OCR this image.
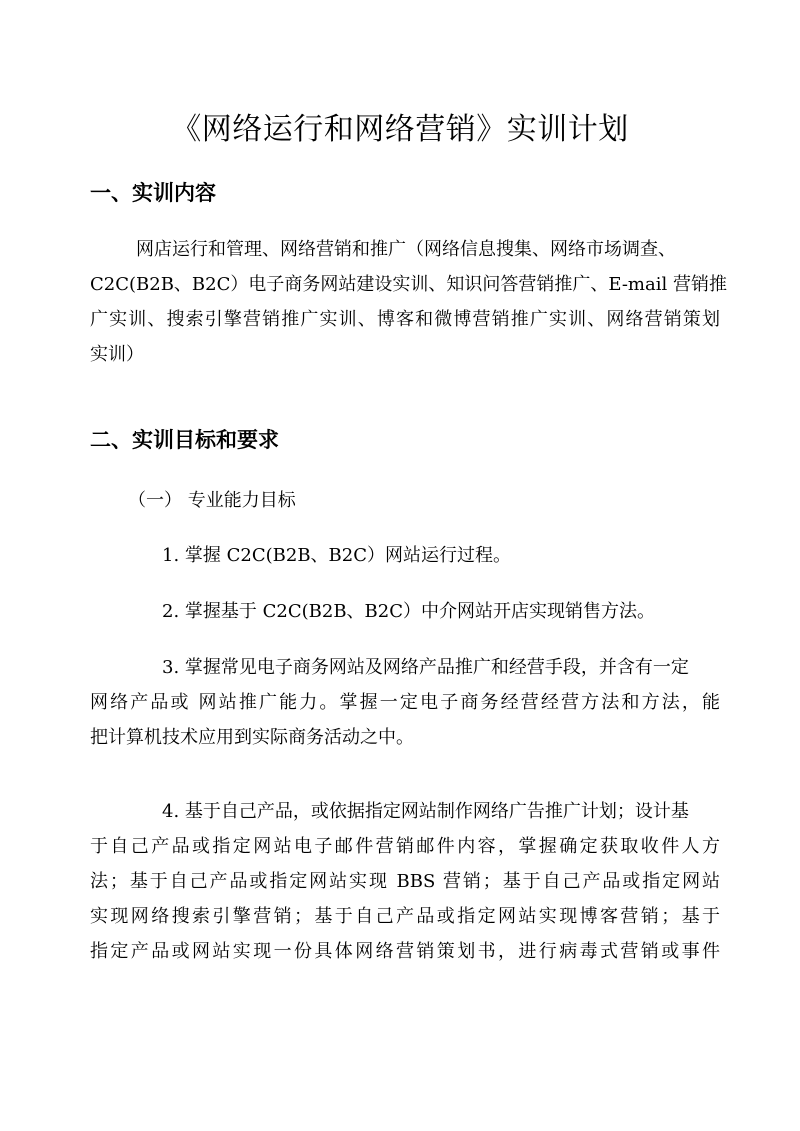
《网络运行和网络营销》实训计划
一、实训内容
网店运行和管理、网络营销和推广（网络信息搜集、网络市场调查、
C2C(B2B、B2C）电子商务网站建设实训、知识问答营销推广、E-mail 营销推
广实训、搜索引擎营销推广实训、博客和微博营销推广实训、网络营销策划
实训）
二、实训目标和要求
（一） 专业能力目标
1. 掌握 C2C(B2B、B2C）网站运行过程。
2. 掌握基于 C2C(B2B、B2C）中介网站开店实现销售方法。
3. 掌握常见电子商务网站及网络产品推广和经营手段，并含有一定
网络产品或 网站推广能力。掌握一定电子商务经营经营方法和方法，能
把计算机技术应用到实际商务活动之中。
4. 基于自己产品，或依据指定网站制作网络广告推广计划；设计基
于自己产品或指定网站电子邮件营销邮件内容，掌握确定获取收件人方
法；基于自己产品或指定网站实现 BBS 营销；基于自己产品或指定网站
实现网络搜索引擎营销；基于自己产品或指定网站实现博客营销；基于
指定产品或网站实现一份具体网络营销策划书，进行病毒式营销或事件
